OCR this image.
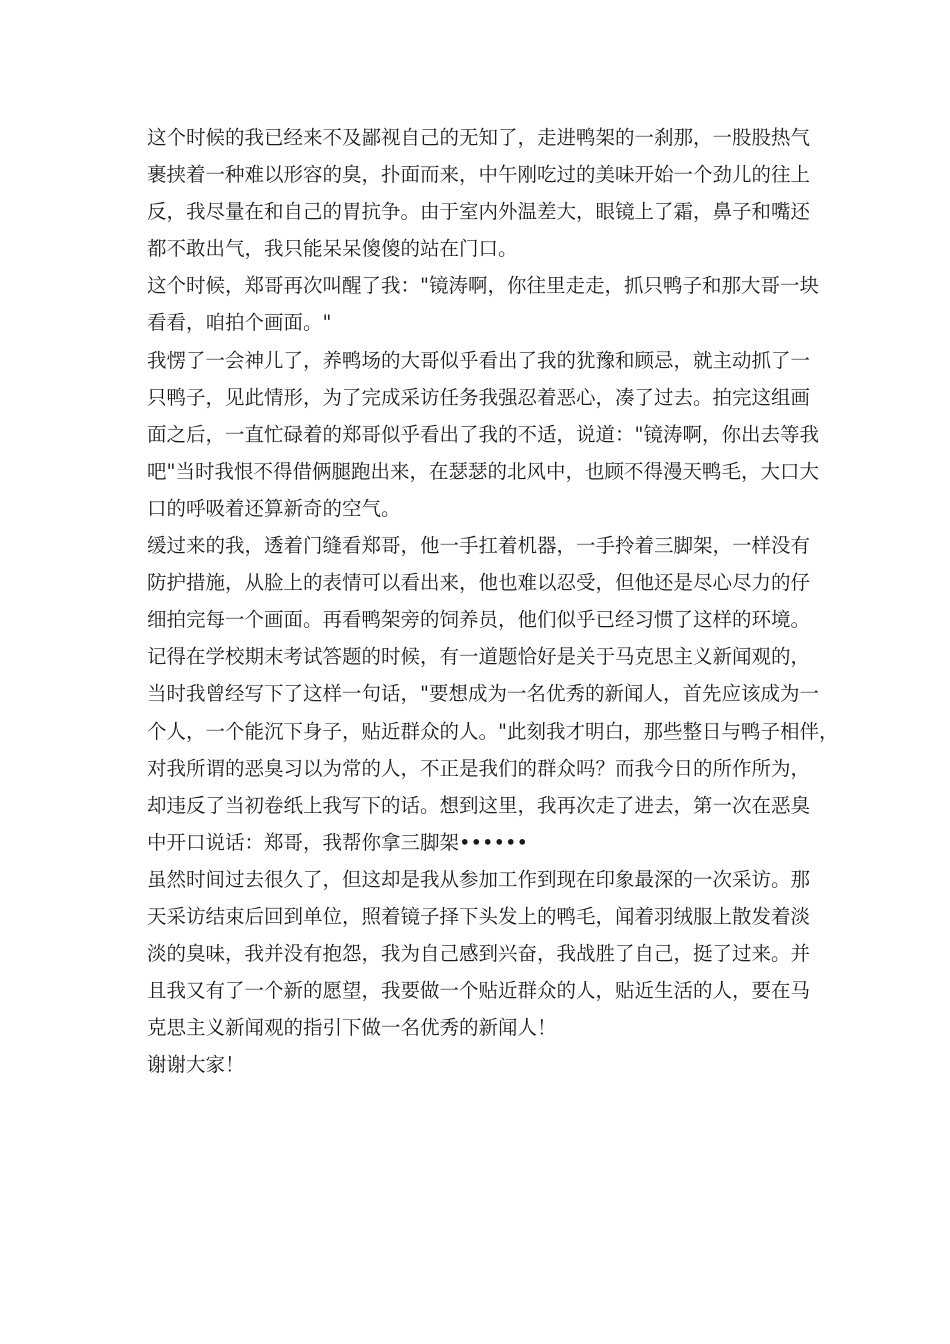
这个时候的我已经来不及鄙视自己的无知了，走进鸭架的一刹那，一股股热气
裹挟着一种难以形容的臭，扑面而来，中午刚吃过的美味开始一个劲儿的往上
反，我尽量在和自己的胃抗争。由于室内外温差大，眼镜上了霜，鼻子和嘴还
都不敢出气，我只能呆呆傻傻的站在门口。
这个时候，郑哥再次叫醒了我："镜涛啊，你往里走走，抓只鸭子和那大哥一块
看看，咱拍个画面。"
我愣了一会神儿了，养鸭场的大哥似乎看出了我的犹豫和顾忌，就主动抓了一
只鸭子，见此情形，为了完成采访任务我强忍着恶心，凑了过去。拍完这组画
面之后，一直忙碌着的郑哥似乎看出了我的不适，说道："镜涛啊，你出去等我
吧"当时我恨不得借俩腿跑出来，在瑟瑟的北风中，也顾不得漫天鸭毛，大口大
口的呼吸着还算新奇的空气。
缓过来的我，透着门缝看郑哥，他一手扛着机器，一手拎着三脚架，一样没有
防护措施，从脸上的表情可以看出来，他也难以忍受，但他还是尽心尽力的仔
细拍完每一个画面。再看鸭架旁的饲养员，他们似乎已经习惯了这样的环境。
记得在学校期末考试答题的时候，有一道题恰好是关于马克思主义新闻观的，
当时我曾经写下了这样一句话，"要想成为一名优秀的新闻人，首先应该成为一
个人，一个能沉下身子，贴近群众的人。"此刻我才明白，那些整日与鸭子相伴，
对我所谓的恶臭习以为常的人，不正是我们的群众吗？而我今日的所作所为，
却违反了当初卷纸上我写下的话。想到这里，我再次走了进去，第一次在恶臭
中开口说话：郑哥，我帮你拿三脚架••••••
虽然时间过去很久了，但这却是我从参加工作到现在印象最深的一次采访。那
天采访结束后回到单位，照着镜子择下头发上的鸭毛，闻着羽绒服上散发着淡
淡的臭味，我并没有抱怨，我为自己感到兴奋，我战胜了自己，挺了过来。并
且我又有了一个新的愿望，我要做一个贴近群众的人，贴近生活的人，要在马
克思主义新闻观的指引下做一名优秀的新闻人！
谢谢大家！
